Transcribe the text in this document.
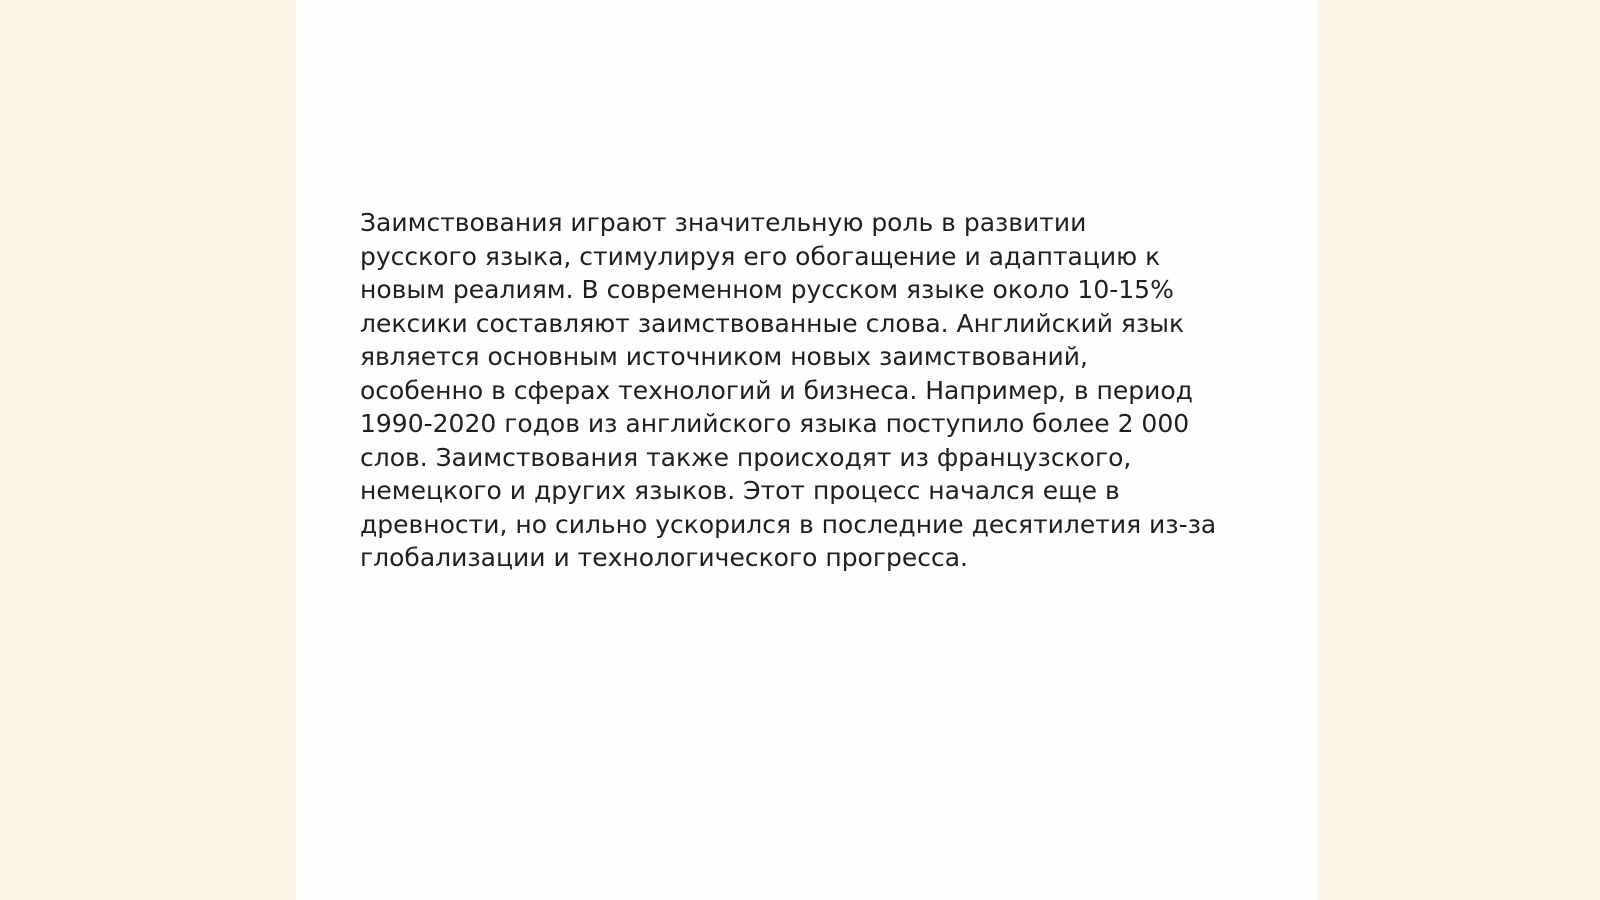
Заимствования играют значительную роль в развитии
русского языка, стимулируя его обогащение и адаптацию к
новым реалиям. В современном русском языке около 10-15%
лексики составляют заимствованные слова. Английский язык
является основным источником новых заимствований,
особенно в сферах технологий и бизнеса. Например, в период
1990-2020 годов из английского языка поступило более 2 000
слов. Заимствования также происходят из французского,
немецкого и других языков. Этот процесс начался еще в
древности, но сильно ускорился в последние десятилетия из-за
глобализации и технологического прогресса.
